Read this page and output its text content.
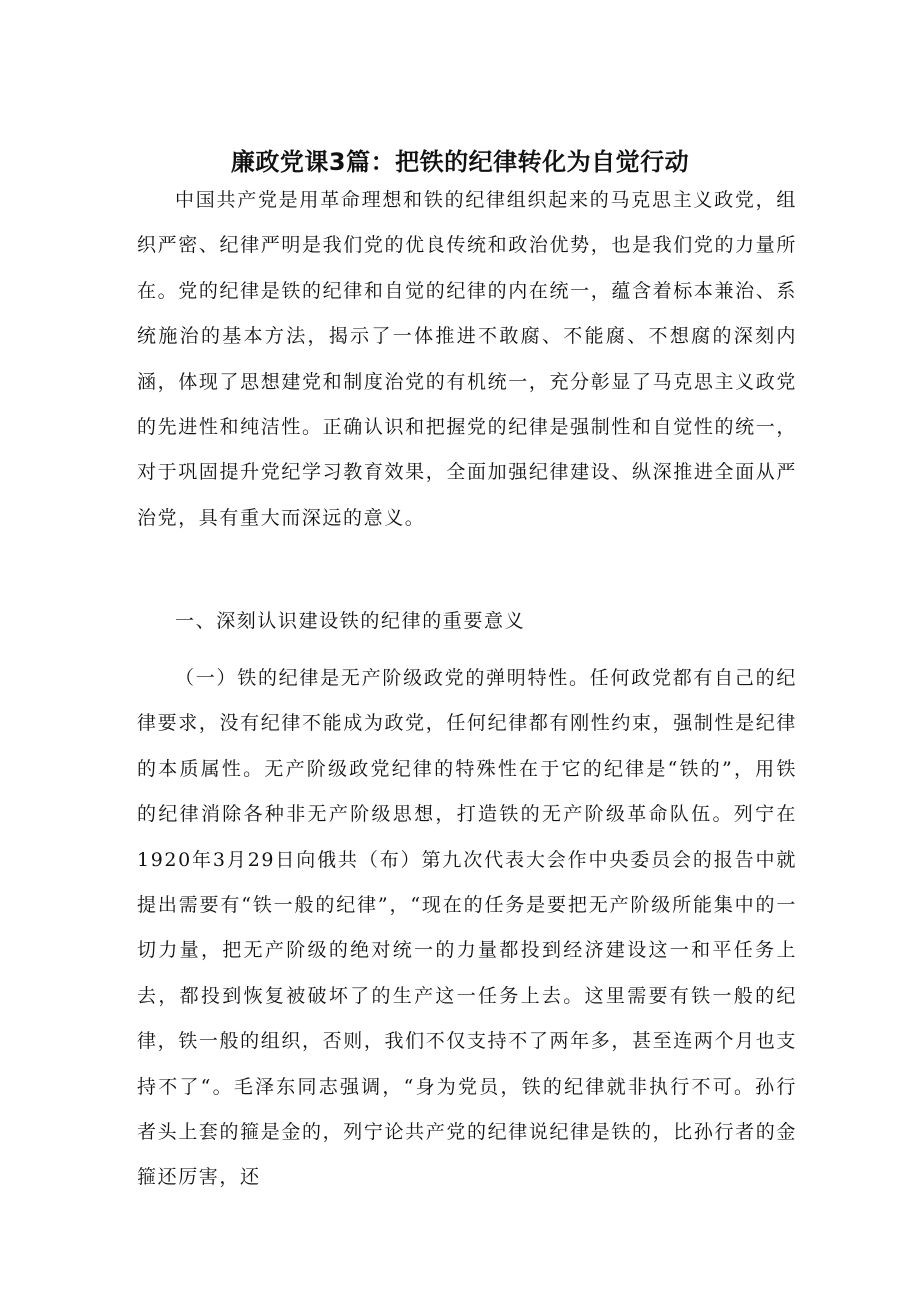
廉政党课3篇：把铁的纪律转化为自觉行动

中国共产党是用革命理想和铁的纪律组织起来的马克思主义政党，组织严密、纪律严明是我们党的优良传统和政治优势，也是我们党的力量所在。党的纪律是铁的纪律和自觉的纪律的内在统一，蕴含着标本兼治、系统施治的基本方法，揭示了一体推进不敢腐、不能腐、不想腐的深刻内涵，体现了思想建党和制度治党的有机统一，充分彰显了马克思主义政党的先进性和纯洁性。正确认识和把握党的纪律是强制性和自觉性的统一，对于巩固提升党纪学习教育效果，全面加强纪律建设、纵深推进全面从严治党，具有重大而深远的意义。

一、深刻认识建设铁的纪律的重要意义

（一）铁的纪律是无产阶级政党的弹明特性。任何政党都有自己的纪律要求，没有纪律不能成为政党，任何纪律都有刚性约束，强制性是纪律的本质属性。无产阶级政党纪律的特殊性在于它的纪律是“铁的”，用铁的纪律消除各种非无产阶级思想，打造铁的无产阶级革命队伍。列宁在1920年3月29日向俄共（布）第九次代表大会作中央委员会的报告中就提出需要有“铁一般的纪律”，“现在的任务是要把无产阶级所能集中的一切力量，把无产阶级的绝对统一的力量都投到经济建设这一和平任务上去，都投到恢复被破坏了的生产这一任务上去。这里需要有铁一般的纪律，铁一般的组织，否则，我们不仅支持不了两年多，甚至连两个月也支持不了“。毛泽东同志强调，“身为党员，铁的纪律就非执行不可。孙行者头上套的箍是金的，列宁论共产党的纪律说纪律是铁的，比孙行者的金箍还厉害，还
